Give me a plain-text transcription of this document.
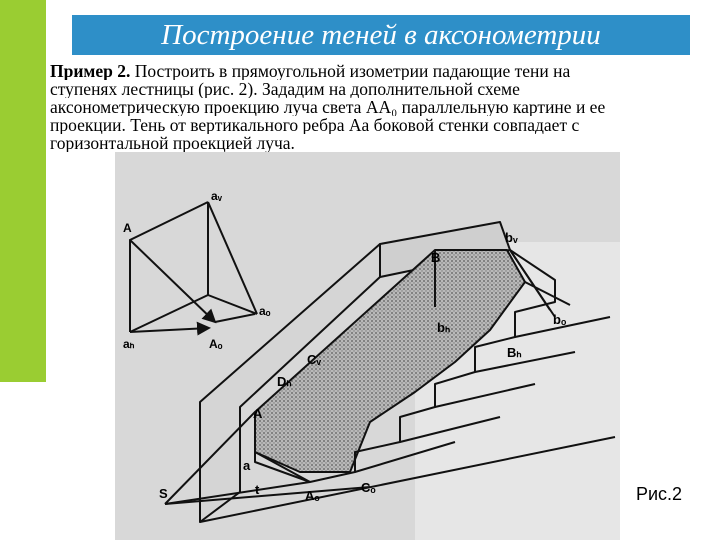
Построение теней в аксонометрии
Пример 2. Построить в прямоугольной изометрии падающие тени на
ступенях лестницы (рис. 2). Зададим на дополнительной схеме
аксонометрическую проекцию луча света AA₀ параллельную картине и ее
проекции. Тень от вертикального ребра Aa боковой стенки совпадает с
горизонтальной проекцией луча.
A
aᵥ
aₒ
aₕ	Aₒ
B
bᵥ
bₕ
bₒ
Bₕ
Cᵥ
Dₕ
A
a
S	Aₒ
Cₒ
t	Рис.2
